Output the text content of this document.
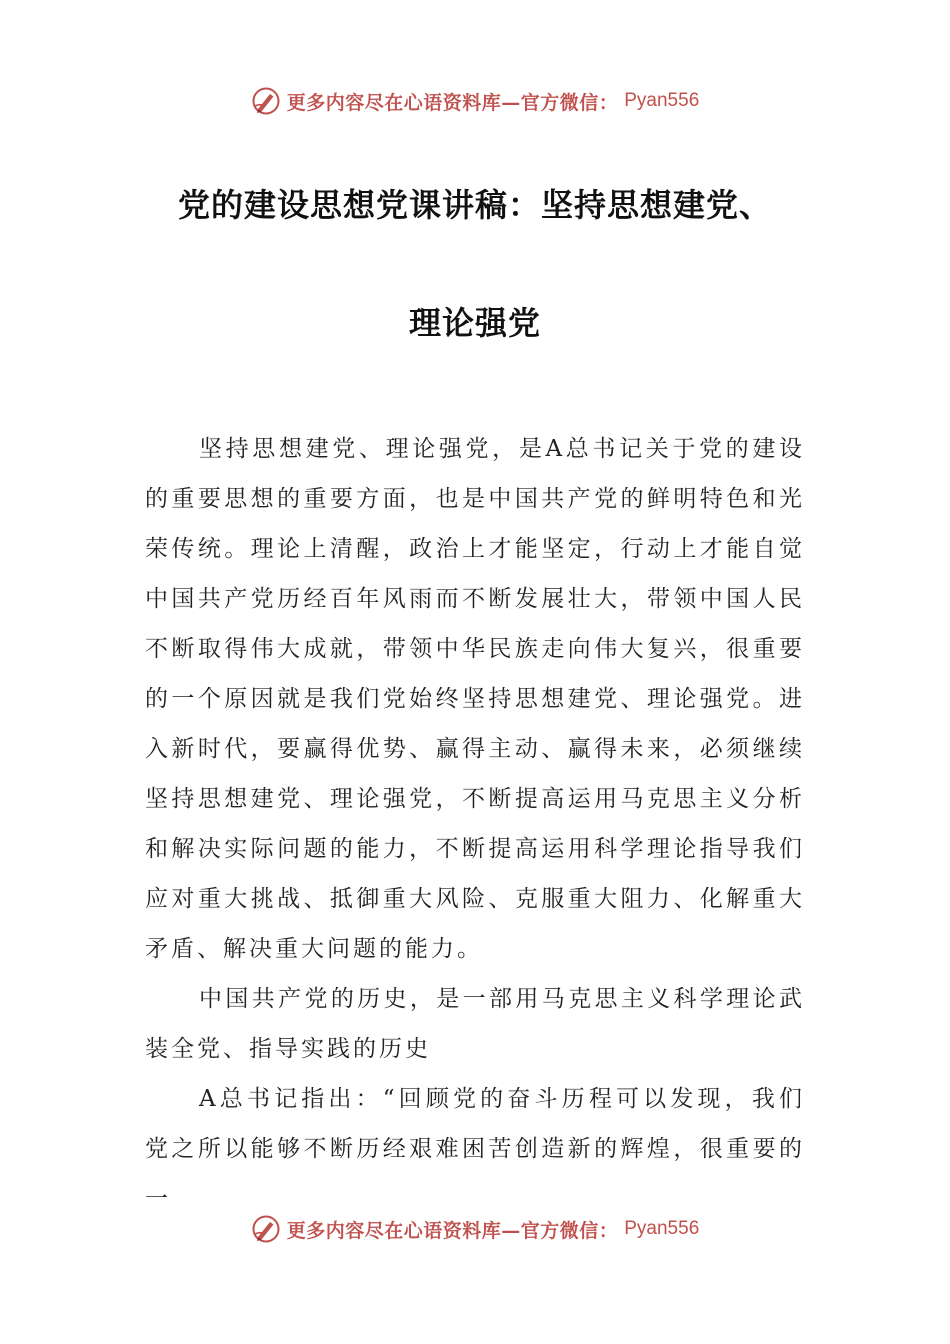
更多内容尽在心语资料库—官方微信： Pyan556
党的建设思想党课讲稿：坚持思想建党、
理论强党

坚持思想建党、理论强党，是A总书记关于党的建设的重要思想的重要方面，也是中国共产党的鲜明特色和光荣传统。理论上清醒，政治上才能坚定，行动上才能自觉中国共产党历经百年风雨而不断发展壮大，带领中国人民不断取得伟大成就，带领中华民族走向伟大复兴，很重要的一个原因就是我们党始终坚持思想建党、理论强党。进入新时代，要赢得优势、赢得主动、赢得未来，必须继续坚持思想建党、理论强党，不断提高运用马克思主义分析和解决实际问题的能力，不断提高运用科学理论指导我们应对重大挑战、抵御重大风险、克服重大阻力、化解重大矛盾、解决重大问题的能力。

中国共产党的历史，是一部用马克思主义科学理论武装全党、指导实践的历史

A总书记指出：“回顾党的奋斗历程可以发现，我们党之所以能够不断历经艰难困苦创造新的辉煌，很重要的一

更多内容尽在心语资料库—官方微信： Pyan556
